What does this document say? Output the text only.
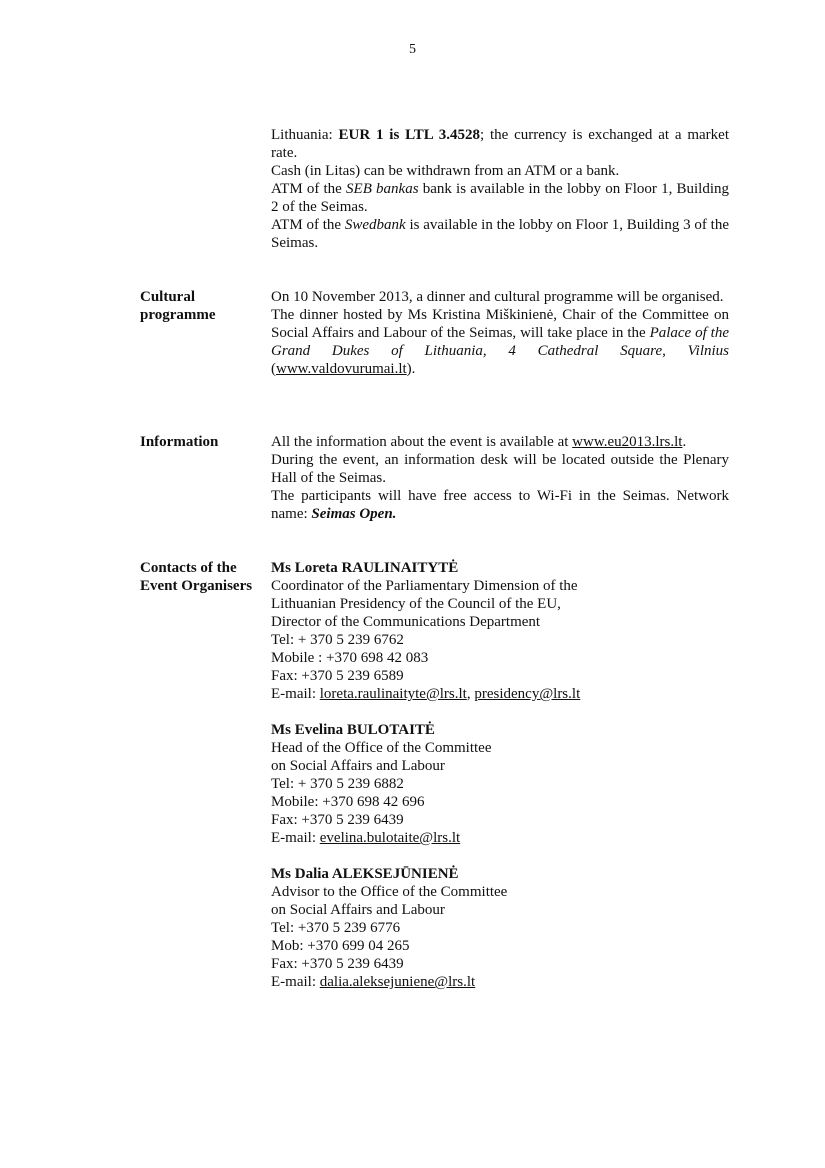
5
Lithuania: EUR 1 is LTL 3.4528; the currency is exchanged at a market rate.
Cash (in Litas) can be withdrawn from an ATM or a bank.
ATM of the SEB bankas bank is available in the lobby on Floor 1, Building 2 of the Seimas.
ATM of the Swedbank is available in the lobby on Floor 1, Building 3 of the Seimas.
Cultural
programme
On 10 November 2013, a dinner and cultural programme will be organised.
The dinner hosted by Ms Kristina Miškinienė, Chair of the Committee on Social Affairs and Labour of the Seimas, will take place in the Palace of the Grand Dukes of Lithuania, 4 Cathedral Square, Vilnius (www.valdovurumai.lt).
Information	All the information about the event is available at www.eu2013.lrs.lt.
During the event, an information desk will be located outside the Plenary Hall of the Seimas.
The participants will have free access to Wi-Fi in the Seimas. Network name: Seimas Open.
Contacts of the
Event Organisers
Ms Loreta RAULINAITYTĖ
Coordinator of the Parliamentary Dimension of the
Lithuanian Presidency of the Council of the EU,
Director of the Communications Department
Tel: + 370 5 239 6762
Mobile : +370 698 42 083
Fax: +370 5 239 6589
E-mail: loreta.raulinaityte@lrs.lt, presidency@lrs.lt
Ms Evelina BULOTAITĖ
Head of the Office of the Committee
on Social Affairs and Labour
Tel: + 370 5 239 6882
Mobile: +370 698 42 696
Fax: +370 5 239 6439
E-mail: evelina.bulotaite@lrs.lt
Ms Dalia ALEKSEJŪNIENĖ
Advisor to the Office of the Committee
on Social Affairs and Labour
Tel: +370 5 239 6776
Mob: +370 699 04 265
Fax: +370 5 239 6439
E-mail: dalia.aleksejuniene@lrs.lt
